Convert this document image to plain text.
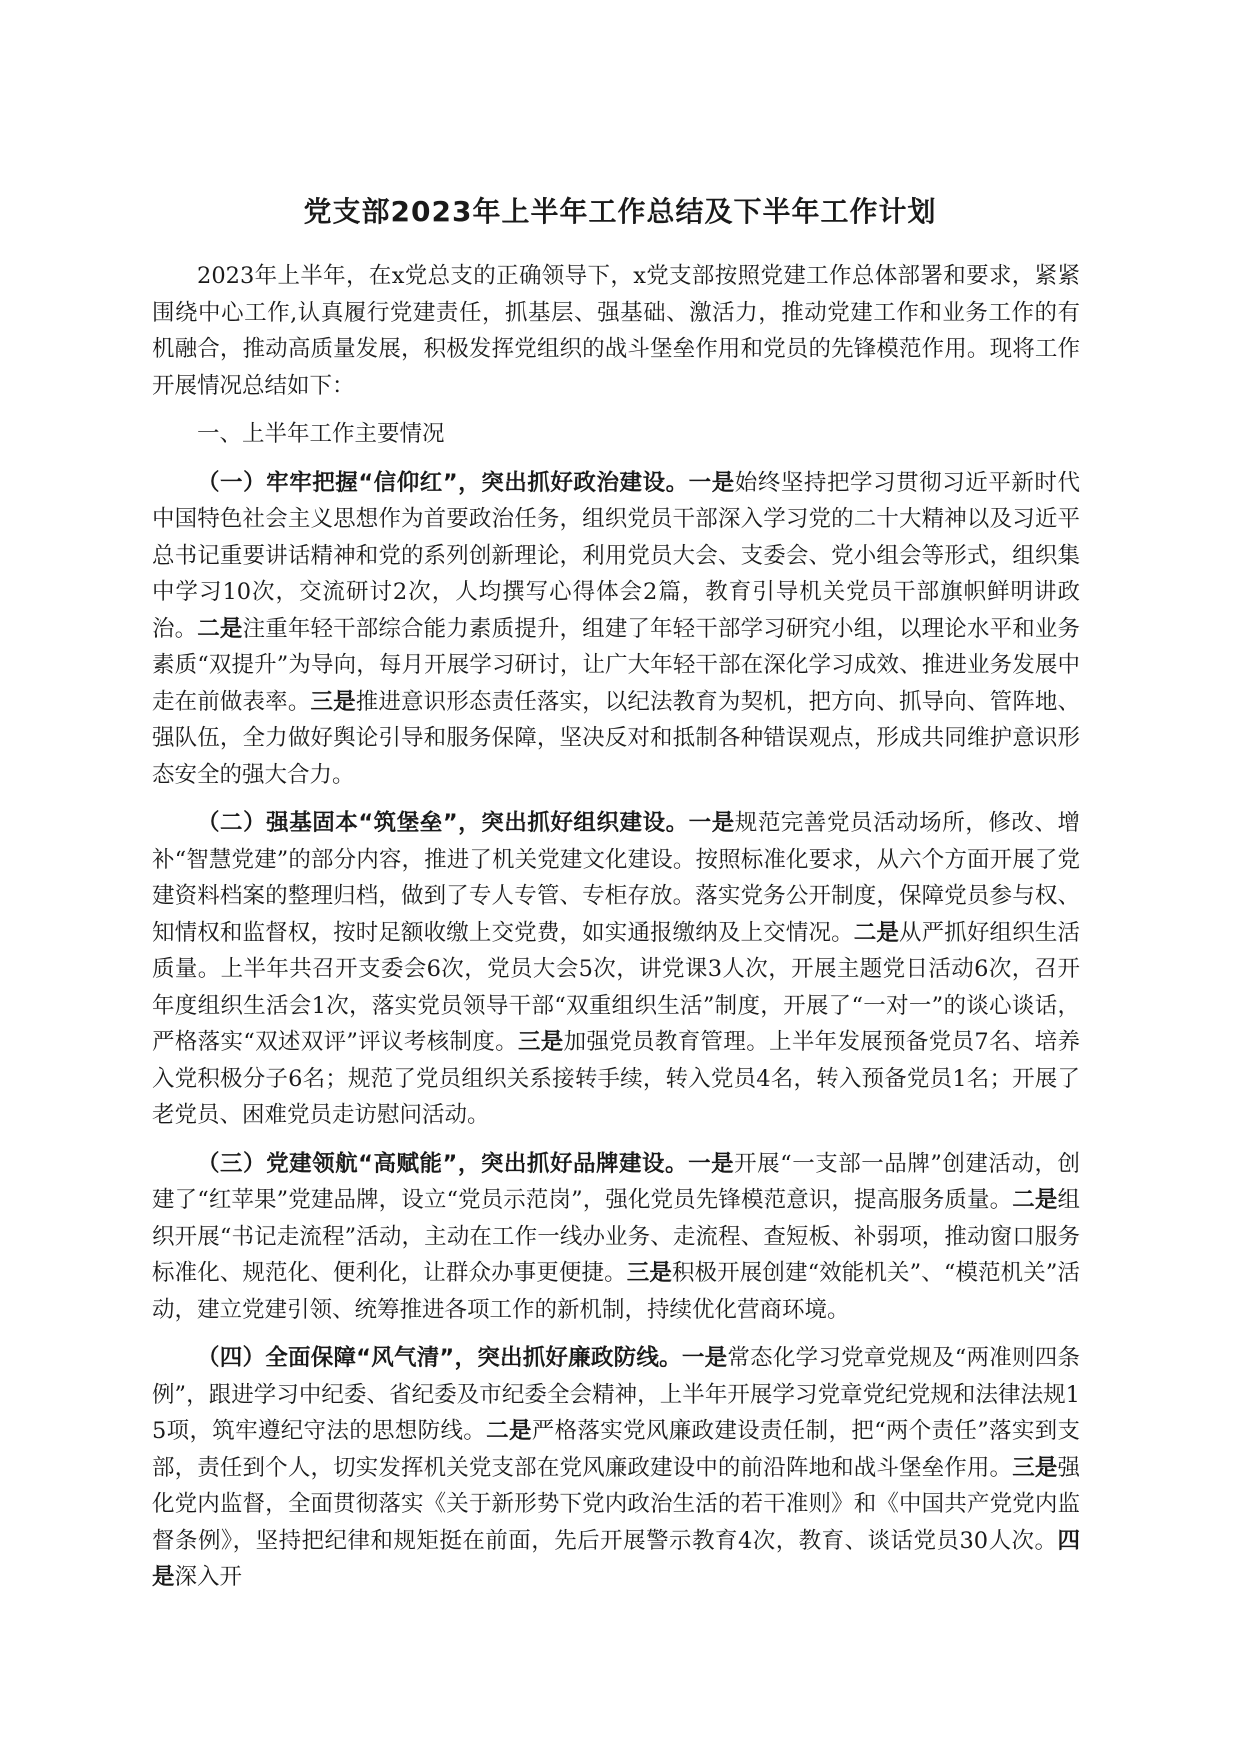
党支部2023年上半年工作总结及下半年工作计划

2023年上半年，在x党总支的正确领导下，x党支部按照党建工作总体部署和要求，紧紧围绕中心工作,认真履行党建责任，抓基层、强基础、激活力，推动党建工作和业务工作的有机融合，推动高质量发展，积极发挥党组织的战斗堡垒作用和党员的先锋模范作用。现将工作开展情况总结如下：

一、上半年工作主要情况

（一）牢牢把握“信仰红”，突出抓好政治建设。一是始终坚持把学习贯彻习近平新时代中国特色社会主义思想作为首要政治任务，组织党员干部深入学习党的二十大精神以及习近平总书记重要讲话精神和党的系列创新理论，利用党员大会、支委会、党小组会等形式，组织集中学习10次，交流研讨2次，人均撰写心得体会2篇，教育引导机关党员干部旗帜鲜明讲政治。二是注重年轻干部综合能力素质提升，组建了年轻干部学习研究小组，以理论水平和业务素质“双提升”为导向，每月开展学习研讨，让广大年轻干部在深化学习成效、推进业务发展中走在前做表率。三是推进意识形态责任落实，以纪法教育为契机，把方向、抓导向、管阵地、强队伍，全力做好舆论引导和服务保障，坚决反对和抵制各种错误观点，形成共同维护意识形态安全的强大合力。

（二）强基固本“筑堡垒”，突出抓好组织建设。一是规范完善党员活动场所，修改、增补“智慧党建”的部分内容，推进了机关党建文化建设。按照标准化要求，从六个方面开展了党建资料档案的整理归档，做到了专人专管、专柜存放。落实党务公开制度，保障党员参与权、知情权和监督权，按时足额收缴上交党费，如实通报缴纳及上交情况。二是从严抓好组织生活质量。上半年共召开支委会6次，党员大会5次，讲党课3人次，开展主题党日活动6次，召开年度组织生活会1次，落实党员领导干部“双重组织生活”制度，开展了“一对一”的谈心谈话，严格落实“双述双评”评议考核制度。三是加强党员教育管理。上半年发展预备党员7名、培养入党积极分子6名；规范了党员组织关系接转手续，转入党员4名，转入预备党员1名；开展了老党员、困难党员走访慰问活动。

（三）党建领航“高赋能”，突出抓好品牌建设。一是开展“一支部一品牌”创建活动，创建了“红苹果”党建品牌，设立“党员示范岗”，强化党员先锋模范意识，提高服务质量。二是组织开展“书记走流程”活动，主动在工作一线办业务、走流程、查短板、补弱项，推动窗口服务标准化、规范化、便利化，让群众办事更便捷。三是积极开展创建“效能机关”、“模范机关”活动，建立党建引领、统筹推进各项工作的新机制，持续优化营商环境。

（四）全面保障“风气清”，突出抓好廉政防线。一是常态化学习党章党规及“两准则四条例”，跟进学习中纪委、省纪委及市纪委全会精神，上半年开展学习党章党纪党规和法律法规15项，筑牢遵纪守法的思想防线。二是严格落实党风廉政建设责任制，把“两个责任”落实到支部，责任到个人，切实发挥机关党支部在党风廉政建设中的前沿阵地和战斗堡垒作用。三是强化党内监督，全面贯彻落实《关于新形势下党内政治生活的若干准则》和《中国共产党党内监督条例》，坚持把纪律和规矩挺在前面，先后开展警示教育4次，教育、谈话党员30人次。四是深入开
